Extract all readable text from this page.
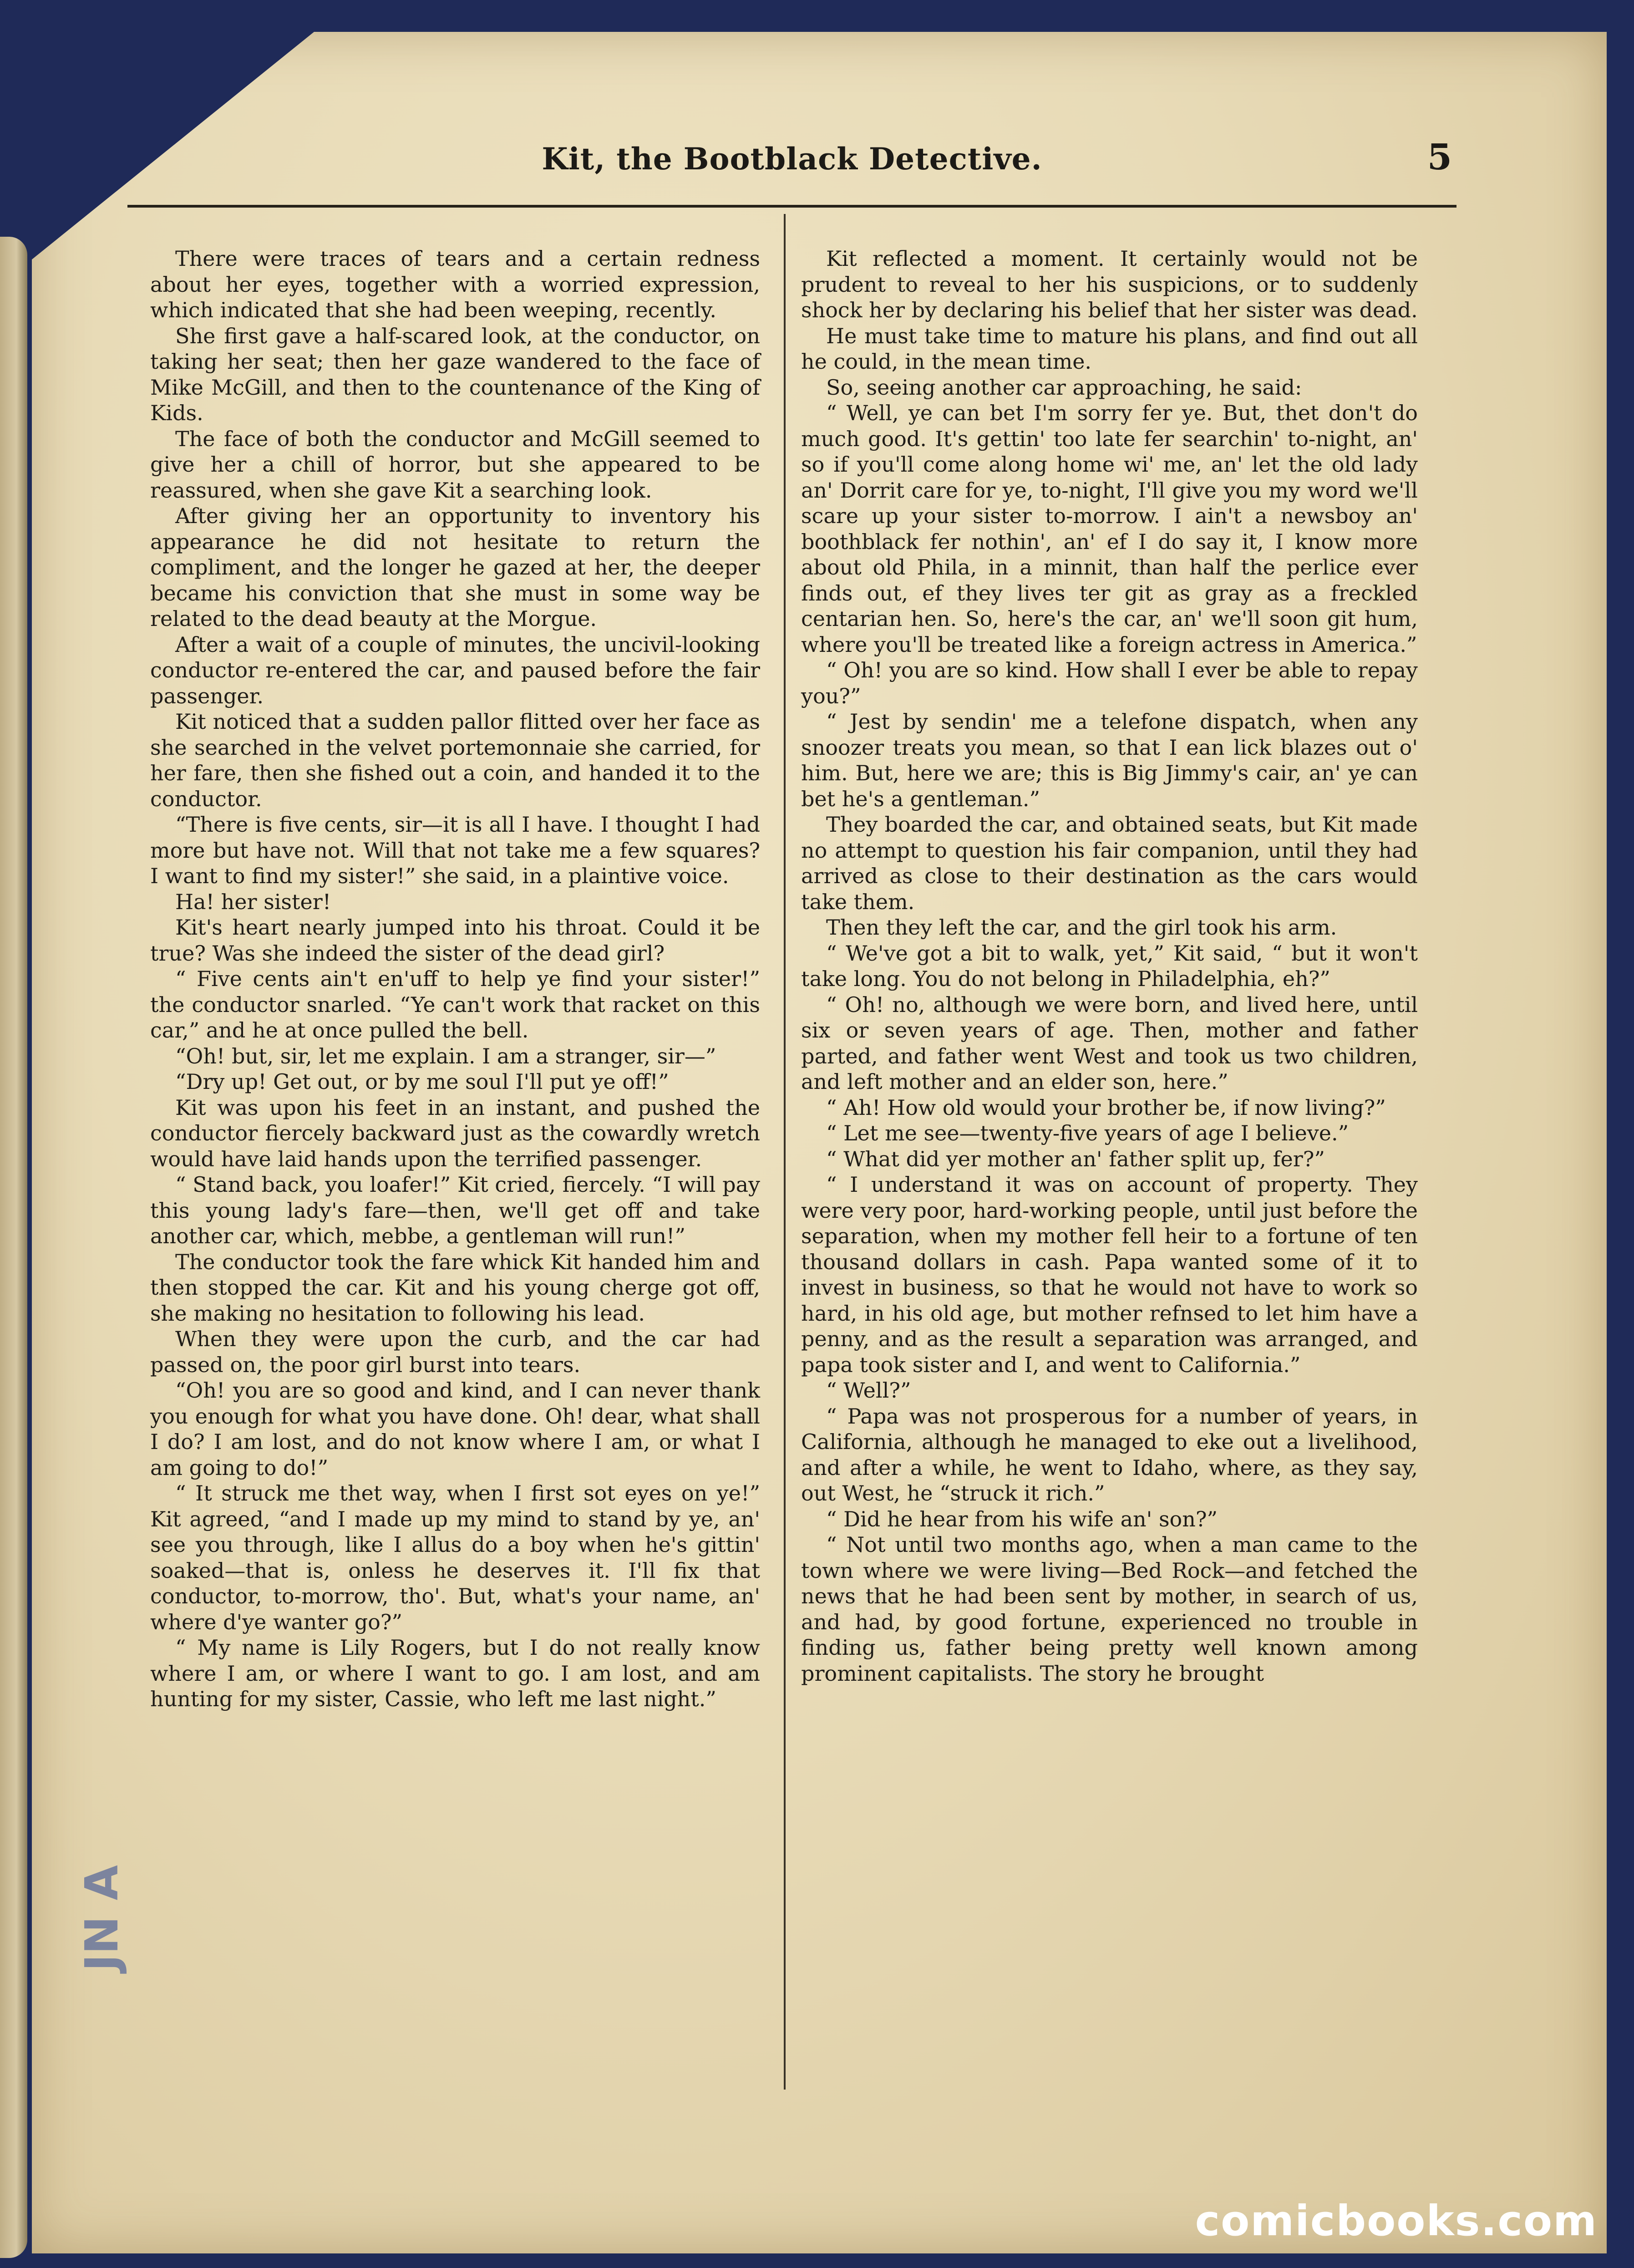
Kit, the Bootblack Detective.	5

There were traces of tears and a certain redness about her eyes, together with a worried expression, which indicated that she had been weeping, recently.

She first gave a half-scared look, at the conductor, on taking her seat; then her gaze wandered to the face of Mike McGill, and then to the countenance of the King of Kids.

The face of both the conductor and McGill seemed to give her a chill of horror, but she appeared to be reassured, when she gave Kit a searching look.

After giving her an opportunity to inventory his appearance he did not hesitate to return the compliment, and the longer he gazed at her, the deeper became his conviction that she must in some way be related to the dead beauty at the Morgue.

After a wait of a couple of minutes, the uncivil-looking conductor re-entered the car, and paused before the fair passenger.

Kit noticed that a sudden pallor flitted over her face as she searched in the velvet portemonnaie she carried, for her fare, then she fished out a coin, and handed it to the conductor.

“There is five cents, sir—it is all I have. I thought I had more but have not. Will that not take me a few squares? I want to find my sister!” she said, in a plaintive voice.

Ha! her sister!

Kit's heart nearly jumped into his throat. Could it be true? Was she indeed the sister of the dead girl?

“ Five cents ain't en'uff to help ye find your sister!” the conductor snarled. “Ye can't work that racket on this car,” and he at once pulled the bell.

“Oh! but, sir, let me explain. I am a stranger, sir—”

“Dry up! Get out, or by me soul I'll put ye off!”

Kit was upon his feet in an instant, and pushed the conductor fiercely backward just as the cowardly wretch would have laid hands upon the terrified passenger.

“ Stand back, you loafer!” Kit cried, fiercely. “I will pay this young lady's fare—then, we'll get off and take another car, which, mebbe, a gentleman will run!”

The conductor took the fare whick Kit handed him and then stopped the car. Kit and his young cherge got off, she making no hesitation to following his lead.

When they were upon the curb, and the car had passed on, the poor girl burst into tears.

“Oh! you are so good and kind, and I can never thank you enough for what you have done. Oh! dear, what shall I do? I am lost, and do not know where I am, or what I am going to do!”

“ It struck me thet way, when I first sot eyes on ye!” Kit agreed, “and I made up my mind to stand by ye, an' see you through, like I allus do a boy when he's gittin' soaked—that is, onless he deserves it. I'll fix that conductor, to-morrow, tho'. But, what's your name, an' where d'ye wanter go?”

“ My name is Lily Rogers, but I do not really know where I am, or where I want to go. I am lost, and am hunting for my sister, Cassie, who left me last night.”

Kit reflected a moment. It certainly would not be prudent to reveal to her his suspicions, or to suddenly shock her by declaring his belief that her sister was dead.

He must take time to mature his plans, and find out all he could, in the mean time.

So, seeing another car approaching, he said:

“ Well, ye can bet I'm sorry fer ye. But, thet don't do much good. It's gettin' too late fer searchin' to-night, an' so if you'll come along home wi' me, an' let the old lady an' Dorrit care for ye, to-night, I'll give you my word we'll scare up your sister to-morrow. I ain't a newsboy an' boothblack fer nothin', an' ef I do say it, I know more about old Phila, in a minnit, than half the perlice ever finds out, ef they lives ter git as gray as a freckled centarian hen. So, here's the car, an' we'll soon git hum, where you'll be treated like a foreign actress in America.”

“ Oh! you are so kind. How shall I ever be able to repay you?”

“ Jest by sendin' me a telefone dispatch, when any snoozer treats you mean, so that I ean lick blazes out o' him. But, here we are; this is Big Jimmy's cair, an' ye can bet he's a gentleman.”

They boarded the car, and obtained seats, but Kit made no attempt to question his fair companion, until they had arrived as close to their destination as the cars would take them.

Then they left the car, and the girl took his arm.

“ We've got a bit to walk, yet,” Kit said, “ but it won't take long. You do not belong in Philadelphia, eh?”

“ Oh! no, although we were born, and lived here, until six or seven years of age. Then, mother and father parted, and father went West and took us two children, and left mother and an elder son, here.”

“ Ah! How old would your brother be, if now living?”

“ Let me see—twenty-five years of age I believe.”

“ What did yer mother an' father split up, fer?”

“ I understand it was on account of property. They were very poor, hard-working people, until just before the separation, when my mother fell heir to a fortune of ten thousand dollars in cash. Papa wanted some of it to invest in business, so that he would not have to work so hard, in his old age, but mother refnsed to let him have a penny, and as the result a separation was arranged, and papa took sister and I, and went to California.”

“ Well?”

“ Papa was not prosperous for a number of years, in California, although he managed to eke out a livelihood, and after a while, he went to Idaho, where, as they say, out West, he “struck it rich.”

“ Did he hear from his wife an' son?”

“ Not until two months ago, when a man came to the town where we were living—Bed Rock—and fetched the news that he had been sent by mother, in search of us, and had, by good fortune, experienced no trouble in finding us, father being pretty well known among prominent capitalists. The story he brought

JN A
comicbooks.com
